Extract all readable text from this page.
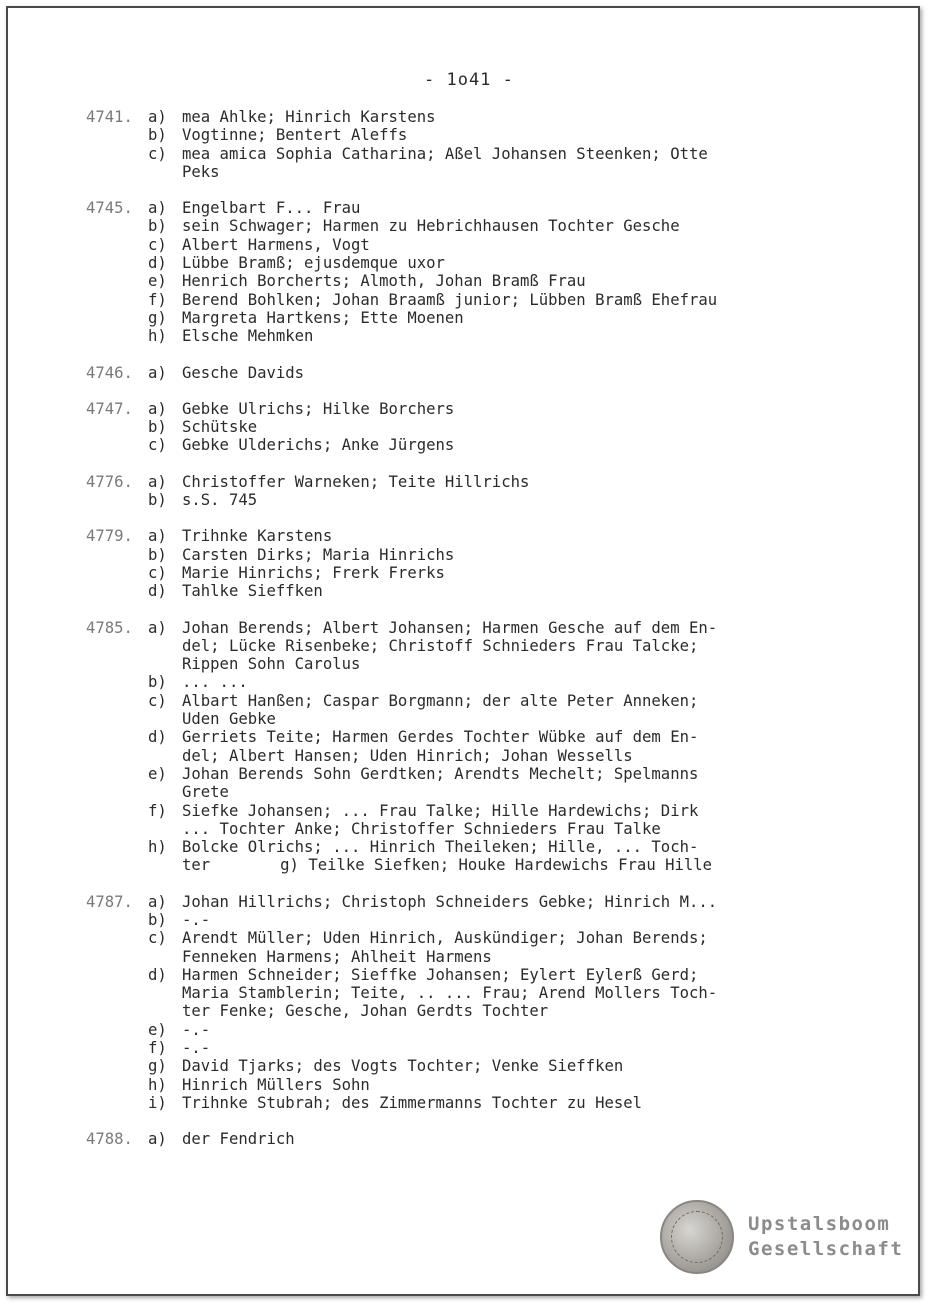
- 1o41 -
4741. a) mea Ahlke; Hinrich Karstens
b) Vogtinne; Bentert Aleffs
c) mea amica Sophia Catharina; Aßel Johansen Steenken; Otte
Peks
4745. a) Engelbart F... Frau
b) sein Schwager; Harmen zu Hebrichhausen Tochter Gesche
c) Albert Harmens, Vogt
d) Lübbe Bramß; ejusdemque uxor
e) Henrich Borcherts; Almoth, Johan Bramß Frau
f) Berend Bohlken; Johan Braamß junior; Lübben Bramß Ehefrau
g) Margreta Hartkens; Ette Moenen
h) Elsche Mehmken
4746. a) Gesche Davids
4747. a) Gebke Ulrichs; Hilke Borchers
b) Schütske
c) Gebke Ulderichs; Anke Jürgens
4776. a) Christoffer Warneken; Teite Hillrichs
b) s.S. 745
4779. a) Trihnke Karstens
b) Carsten Dirks; Maria Hinrichs
c) Marie Hinrichs; Frerk Frerks
d) Tahlke Sieffken
4785. a) Johan Berends; Albert Johansen; Harmen Gesche auf dem En-
del; Lücke Risenbeke; Christoff Schnieders Frau Talcke;
Rippen Sohn Carolus
b) ... ...
c) Albart Hanßen; Caspar Borgmann; der alte Peter Anneken;
Uden Gebke
d) Gerriets Teite; Harmen Gerdes Tochter Wübke auf dem En-
del; Albert Hansen; Uden Hinrich; Johan Wessells
e) Johan Berends Sohn Gerdtken; Arendts Mechelt; Spelmanns
Grete
f) Siefke Johansen; ... Frau Talke; Hille Hardewichs; Dirk
... Tochter Anke; Christoffer Schnieders Frau Talke
h) Bolcke Olrichs; ... Hinrich Theileken; Hille, ... Toch-
ter	g) Teilke Siefken; Houke Hardewichs Frau Hille
4787. a) Johan Hillrichs; Christoph Schneiders Gebke; Hinrich M...
b) -.-
c) Arendt Müller; Uden Hinrich, Auskündiger; Johan Berends;
Fenneken Harmens; Ahlheit Harmens
d) Harmen Schneider; Sieffke Johansen; Eylert Eylerß Gerd;
Maria Stamblerin; Teite, .. ... Frau; Arend Mollers Toch-
ter Fenke; Gesche, Johan Gerdts Tochter
e) -.-
f) -.-
g) David Tjarks; des Vogts Tochter; Venke Sieffken
h) Hinrich Müllers Sohn
i) Trihnke Stubrah; des Zimmermanns Tochter zu Hesel
4788. a) der Fendrich
Upstalsboom
Gesellschaft
